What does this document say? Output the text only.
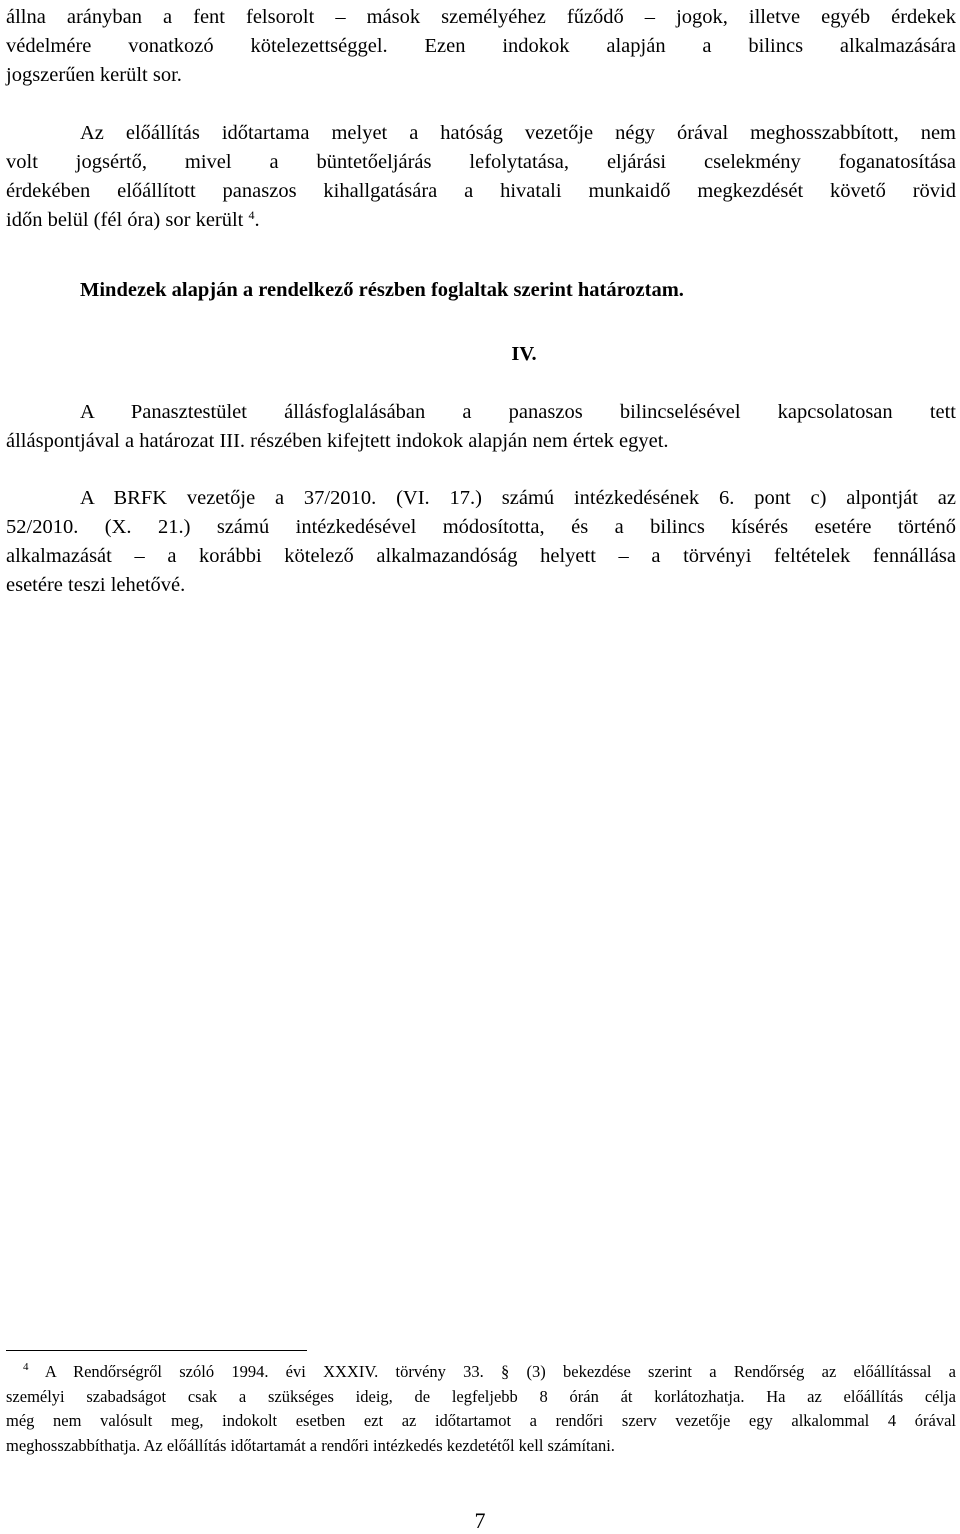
állna arányban a fent felsorolt – mások személyéhez fűződő – jogok, illetve egyéb érdekek
védelmére vonatkozó kötelezettséggel. Ezen indokok alapján a bilincs alkalmazására
jogszerűen került sor.
Az előállítás időtartama melyet a hatóság vezetője négy órával meghosszabbított, nem
volt jogsértő, mivel a büntetőeljárás lefolytatása, eljárási cselekmény foganatosítása
érdekében előállított panaszos kihallgatására a hivatali munkaidő megkezdését követő rövid
időn belül (fél óra) sor került $^4$.

Mindezek alapján a rendelkező részben foglaltak szerint határoztam.

IV.

A Panasztestület állásfoglalásában a panaszos bilincselésével kapcsolatosan tett
álláspontjával a határozat III. részében kifejtett indokok alapján nem értek egyet.
A BRFK vezetője a 37/2010. (VI. 17.) számú intézkedésének 6. pont c) alpontját az
52/2010. (X. 21.) számú intézkedésével módosította, és a bilincs kísérés esetére történő
alkalmazását – a korábbi kötelező alkalmazandóság helyett – a törvényi feltételek fennállása
esetére teszi lehetővé.
$^4$ A Rendőrségről szóló 1994. évi XXXIV. törvény 33. § (3) bekezdése szerint a Rendőrség az előállítással a
személyi szabadságot csak a szükséges ideig, de legfeljebb 8 órán át korlátozhatja. Ha az előállítás célja
még nem valósult meg, indokolt esetben ezt az időtartamot a rendőri szerv vezetője egy alkalommal 4 órával
meghosszabbíthatja. Az előállítás időtartamát a rendőri intézkedés kezdetétől kell számítani.

7
